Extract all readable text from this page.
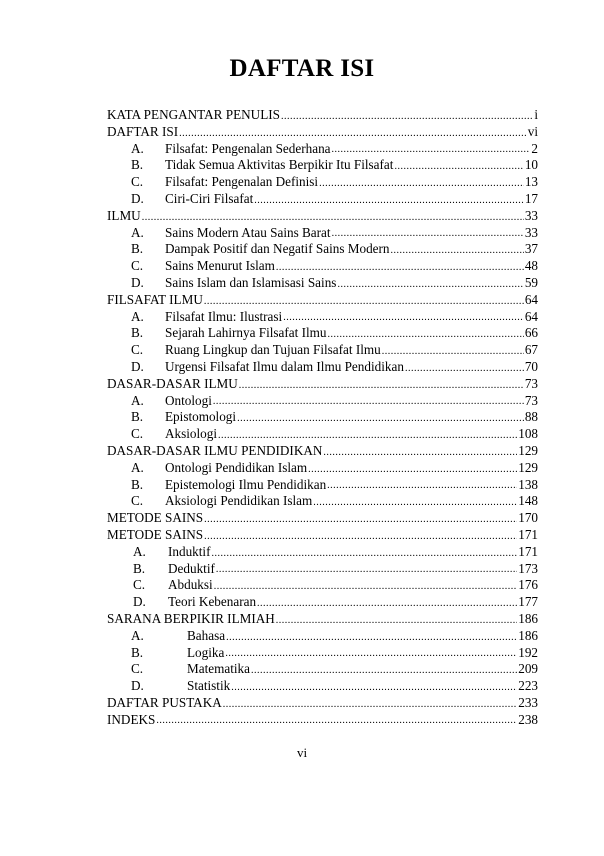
DAFTAR ISI
KATA PENGANTAR PENULIS .....	i
DAFTAR ISI .....	vi
A.	Filsafat: Pengenalan Sederhana .....	2
B.	Tidak Semua Aktivitas Berpikir Itu Filsafat .....	10
C.	Filsafat: Pengenalan Definisi .....	13
D.	Ciri-Ciri Filsafat .....	17
ILMU .....	33
A.	Sains Modern Atau Sains Barat .....	33
B.	Dampak Positif dan Negatif Sains Modern .....	37
C.	Sains Menurut Islam .....	48
D.	Sains Islam dan Islamisasi Sains .....	59
FILSAFAT ILMU .....	64
A.	Filsafat Ilmu: Ilustrasi .....	64
B.	Sejarah Lahirnya Filsafat Ilmu .....	66
C.	Ruang Lingkup dan Tujuan Filsafat Ilmu .....	67
D.	Urgensi Filsafat Ilmu dalam Ilmu Pendidikan .....	70
DASAR-DASAR ILMU .....	73
A.	Ontologi .....	73
B.	Epistomologi .....	88
C.	Aksiologi .....	108
DASAR-DASAR ILMU PENDIDIKAN .....	129
A.	Ontologi Pendidikan Islam .....	129
B.	Epistemologi Ilmu Pendidikan .....	138
C.	Aksiologi Pendidikan Islam .....	148
METODE SAINS .....	170
METODE SAINS .....	171
A.	Induktif .....	171
B.	Deduktif .....	173
C.	Abduksi .....	176
D.	Teori Kebenaran .....	177
SARANA BERPIKIR ILMIAH .....	186
A.	Bahasa .....	186
B.	Logika .....	192
C.	Matematika .....	209
D.	Statistik .....	223
DAFTAR PUSTAKA .....	233
INDEKS .....	238
vi
